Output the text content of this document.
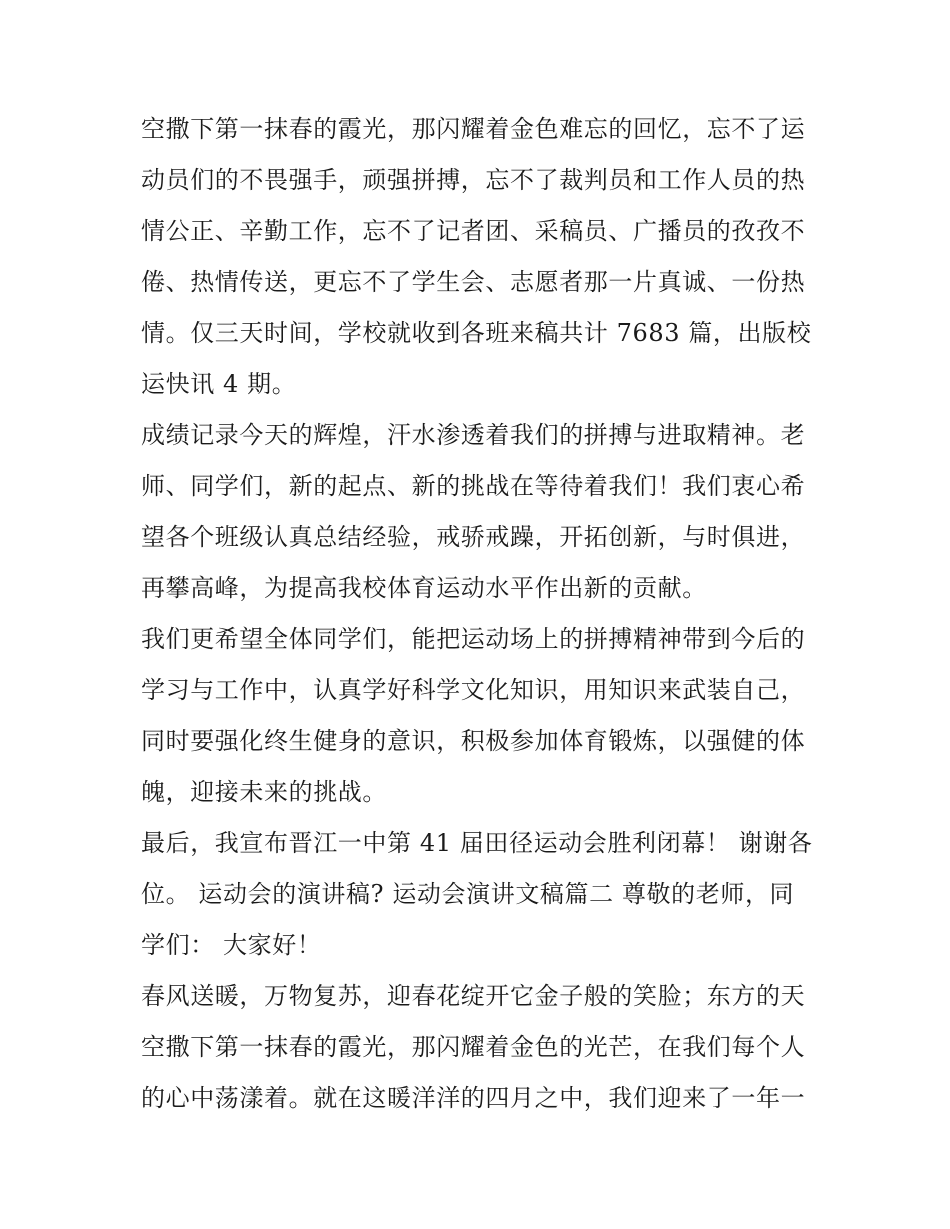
空撒下第一抹春的霞光，那闪耀着金色难忘的回忆，忘不了运
动员们的不畏强手，顽强拼搏，忘不了裁判员和工作人员的热
情公正、辛勤工作，忘不了记者团、采稿员、广播员的孜孜不
倦、热情传送，更忘不了学生会、志愿者那一片真诚、一份热
情。仅三天时间，学校就收到各班来稿共计 7683 篇，出版校
运快讯 4 期。
成绩记录今天的辉煌，汗水渗透着我们的拼搏与进取精神。老
师、同学们，新的起点、新的挑战在等待着我们！我们衷心希
望各个班级认真总结经验，戒骄戒躁，开拓创新，与时俱进，
再攀高峰，为提高我校体育运动水平作出新的贡献。
我们更希望全体同学们，能把运动场上的拼搏精神带到今后的
学习与工作中，认真学好科学文化知识，用知识来武装自己，
同时要强化终生健身的意识，积极参加体育锻炼，以强健的体
魄，迎接未来的挑战。
最后，我宣布晋江一中第 41 届田径运动会胜利闭幕！ 谢谢各
位。 运动会的演讲稿? 运动会演讲文稿篇二 尊敬的老师，同
学们： 大家好！
春风送暖，万物复苏，迎春花绽开它金子般的笑脸；东方的天
空撒下第一抹春的霞光，那闪耀着金色的光芒，在我们每个人
的心中荡漾着。就在这暖洋洋的四月之中，我们迎来了一年一
